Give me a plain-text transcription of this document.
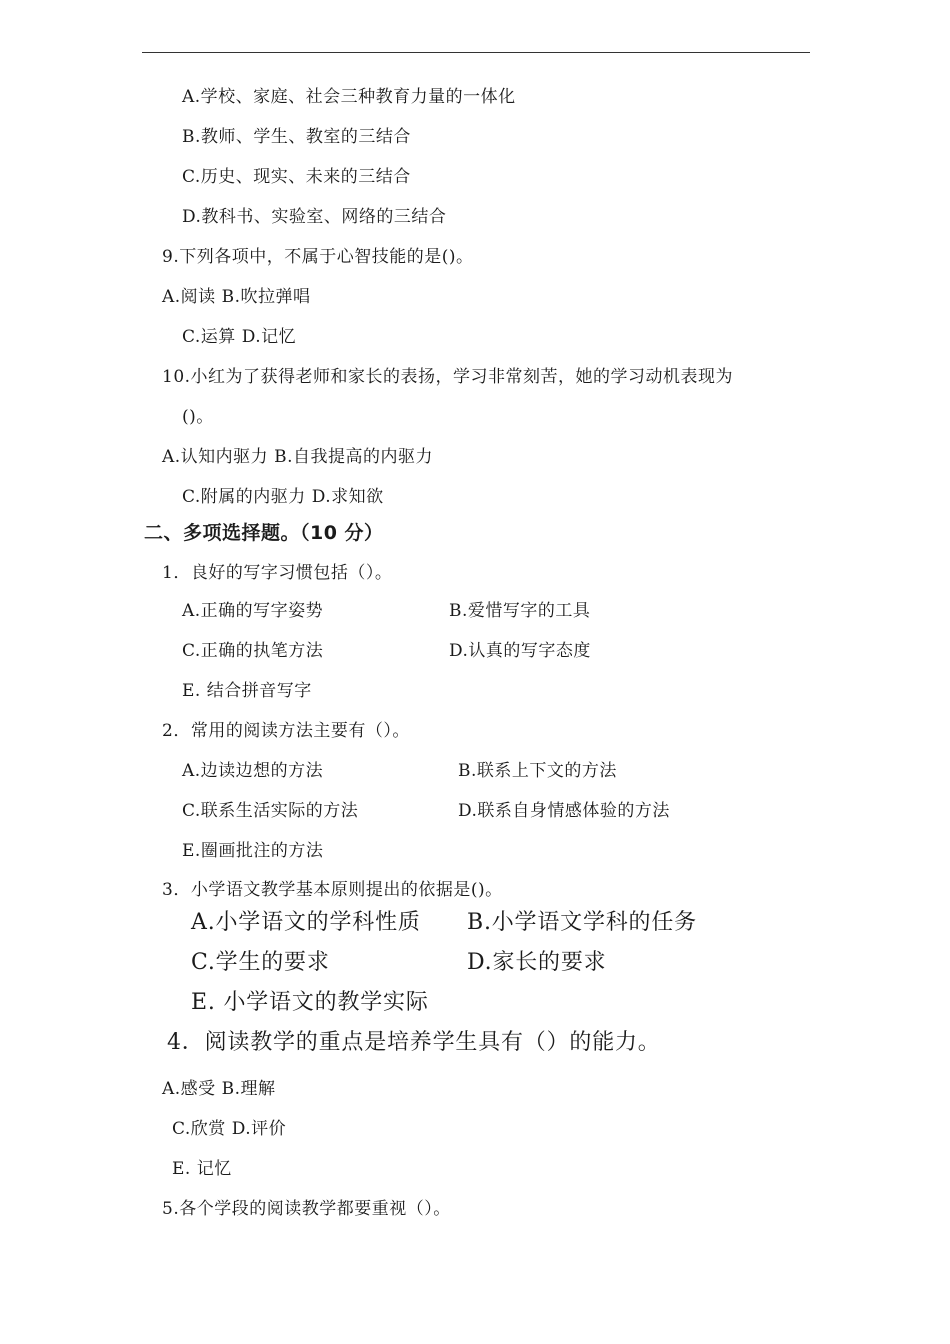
A.学校、家庭、社会三种教育力量的一体化
B.教师、学生、教室的三结合
C.历史、现实、未来的三结合
D.教科书、实验室、网络的三结合
9.下列各项中，不属于心智技能的是()。
A.阅读 B.吹拉弹唱
C.运算 D.记忆
10.小红为了获得老师和家长的表扬，学习非常刻苦，她的学习动机表现为
()。
A.认知内驱力 B.自我提高的内驱力
C.附属的内驱力 D.求知欲
二、多项选择题。（10 分）
1．良好的写字习惯包括（）。
A.正确的写字姿势	B.爱惜写字的工具
C.正确的执笔方法	D.认真的写字态度
E. 结合拼音写字
2．常用的阅读方法主要有（）。
A.边读边想的方法	B.联系上下文的方法
C.联系生活实际的方法	D.联系自身情感体验的方法
E.圈画批注的方法
3．小学语文教学基本原则提出的依据是()。
A.小学语文的学科性质 B.小学语文学科的任务
C.学生的要求	D.家长的要求
E. 小学语文的教学实际
4．阅读教学的重点是培养学生具有（）的能力。
A.感受 B.理解
C.欣赏 D.评价
E. 记忆
5.各个学段的阅读教学都要重视（）。
